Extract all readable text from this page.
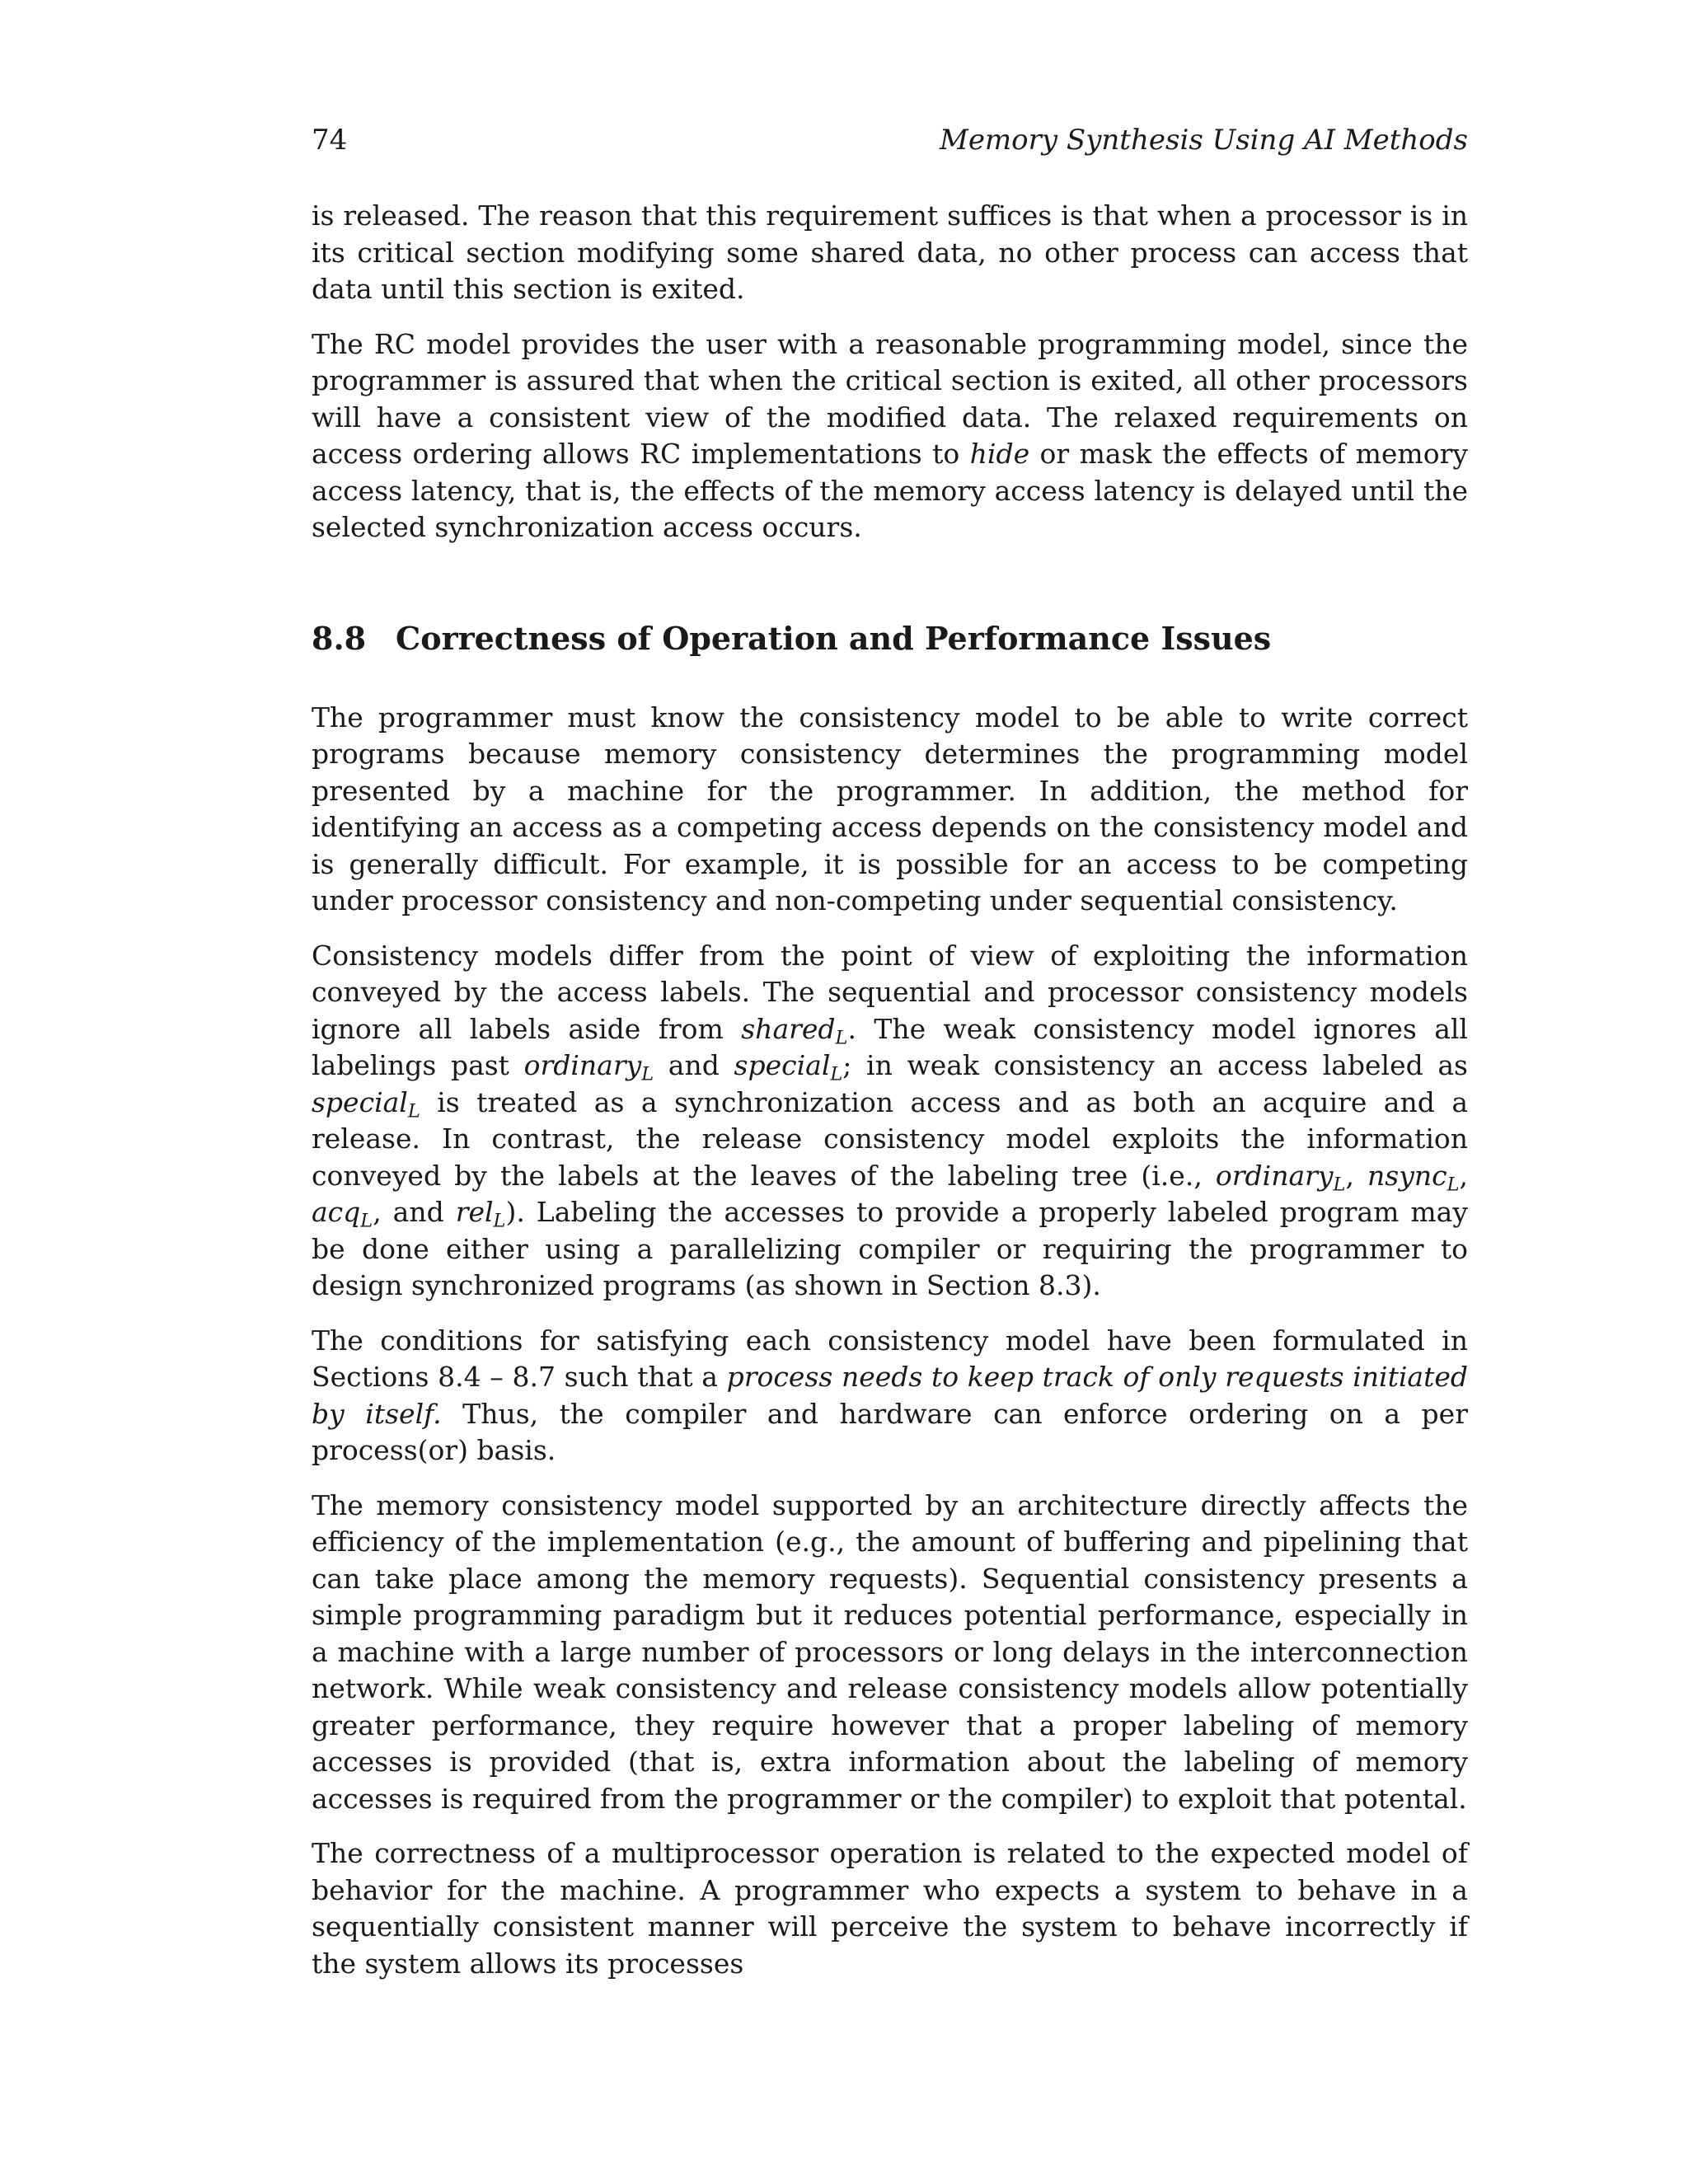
74	Memory Synthesis Using AI Methods

is released. The reason that this requirement suffices is that when a processor is in its critical section modifying some shared data, no other process can access that data until this section is exited.

The RC model provides the user with a reasonable programming model, since the programmer is assured that when the critical section is exited, all other processors will have a consistent view of the modified data. The relaxed requirements on access ordering allows RC implementations to hide or mask the effects of memory access latency, that is, the effects of the memory access latency is delayed until the selected synchronization access occurs.

8.8 Correctness of Operation and Performance Issues

The programmer must know the consistency model to be able to write correct programs because memory consistency determines the programming model presented by a machine for the programmer. In addition, the method for identifying an access as a competing access depends on the consistency model and is generally difficult. For example, it is possible for an access to be competing under processor consistency and non-competing under sequential consistency.

Consistency models differ from the point of view of exploiting the information conveyed by the access labels. The sequential and processor consistency models ignore all labels aside from shared$_L$. The weak consistency model ignores all labelings past ordinary$_L$ and special$_L$; in weak consistency an access labeled as special$_L$ is treated as a synchronization access and as both an acquire and a release. In contrast, the release consistency model exploits the information conveyed by the labels at the leaves of the labeling tree (i.e., ordinary$_L$, nsync$_L$, acq$_L$, and rel$_L$). Labeling the accesses to provide a properly labeled program may be done either using a parallelizing compiler or requiring the programmer to design synchronized programs (as shown in Section 8.3).

The conditions for satisfying each consistency model have been formulated in Sections 8.4 – 8.7 such that a process needs to keep track of only requests initiated by itself. Thus, the compiler and hardware can enforce ordering on a per process(or) basis.

The memory consistency model supported by an architecture directly affects the efficiency of the implementation (e.g., the amount of buffering and pipelining that can take place among the memory requests). Sequential consistency presents a simple programming paradigm but it reduces potential performance, especially in a machine with a large number of processors or long delays in the interconnection network. While weak consistency and release consistency models allow potentially greater performance, they require however that a proper labeling of memory accesses is provided (that is, extra information about the labeling of memory accesses is required from the programmer or the compiler) to exploit that potental.

The correctness of a multiprocessor operation is related to the expected model of behavior for the machine. A programmer who expects a system to behave in a sequentially consistent manner will perceive the system to behave incorrectly if the system allows its processes
